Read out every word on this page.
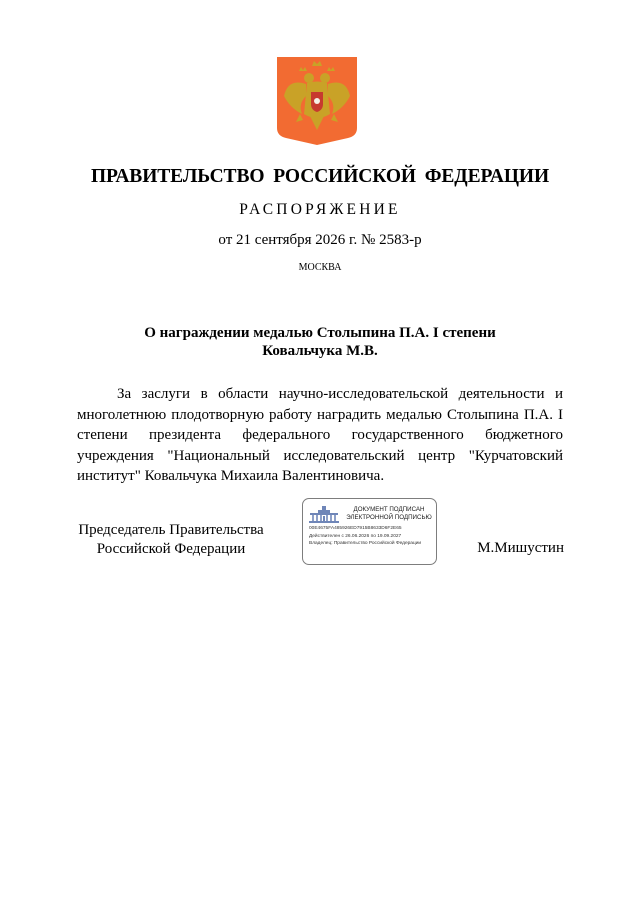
ПРАВИТЕЛЬСТВО РОССИЙСКОЙ ФЕДЕРАЦИИ
РАСПОРЯЖЕНИЕ
от 21 сентября 2026 г. № 2583-р
МОСКВА
О награждении медалью Столыпина П.А. I степени
Ковальчука М.В.

За заслуги в области научно-исследовательской деятельности и многолетнюю плодотворную работу наградить медалью Столыпина П.А. I степени президента федерального государственного бюджетного учреждения "Национальный исследовательский центр "Курчатовский институт" Ковальчука Михаила Валентиновича.

Председатель Правительства
Российской Федерации
ДОКУМЕНТ ПОДПИСАН
ЭЛЕКТРОННОЙ ПОДПИСЬЮ
00E4675FA485926ED7915B8633D6F2E65
Действителен с 26.06.2026 по 19.09.2027
Владелец: Правительство Российской Федерации	М.Мишустин
